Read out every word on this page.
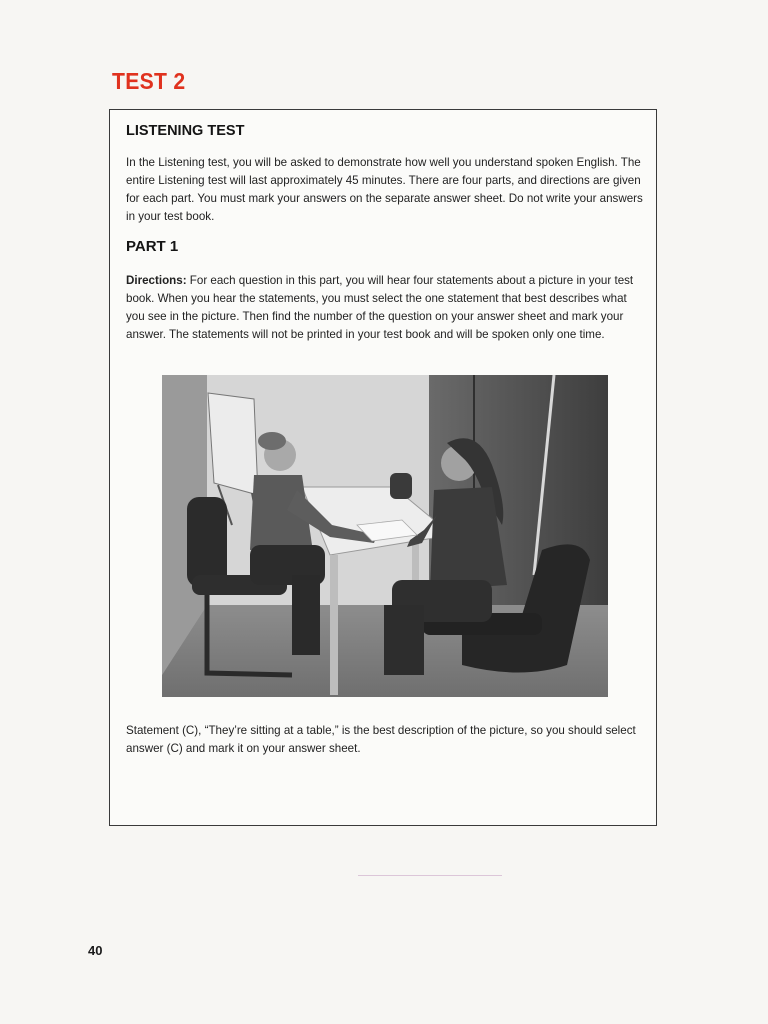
TEST 2
LISTENING TEST
In the Listening test, you will be asked to demonstrate how well you understand spoken English. The entire Listening test will last approximately 45 minutes. There are four parts, and directions are given for each part. You must mark your answers on the separate answer sheet. Do not write your answers in your test book.
PART 1
Directions: For each question in this part, you will hear four statements about a picture in your test book. When you hear the statements, you must select the one statement that best describes what you see in the picture. Then find the number of the question on your answer sheet and mark your answer. The statements will not be printed in your test book and will be spoken only one time.
Statement (C), “They’re sitting at a table,” is the best description of the picture, so you should select answer (C) and mark it on your answer sheet.
40
